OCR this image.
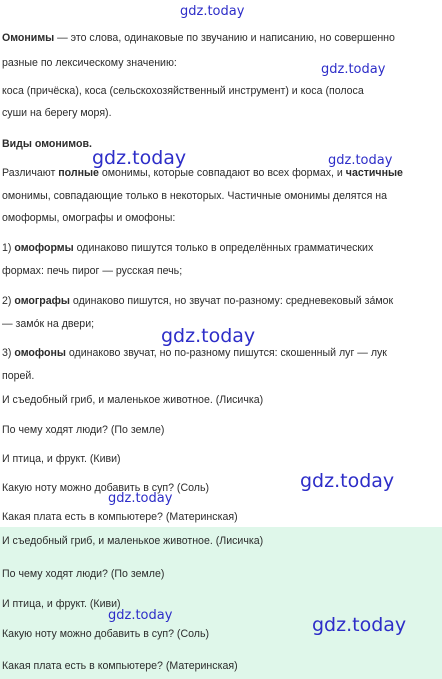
Омонимы — это слова, одинаковые по звучанию и написанию, но совершенно
разные по лексическому значению:
коса (причёска), коса (сельскохозяйственный инструмент) и коса (полоса
суши на берегу моря).
Виды омонимов.
Различают полные омонимы, которые совпадают во всех формах, и частичные
омонимы, совпадающие только в некоторых. Частичные омонимы делятся на
омоформы, омографы и омофоны:
1) омоформы одинаково пишутся только в определённых грамматических
формах: печь пирог — русская печь;
2) омографы одинаково пишутся, но звучат по-разному: средневековый за́мок
— замо́к на двери;
3) омофоны одинаково звучат, но по-разному пишутся: скошенный луг — лук
порей.
И съедобный гриб, и маленькое животное. (Лисичка)
По чему ходят люди? (По земле)
И птица, и фрукт. (Киви)
Какую ноту можно добавить в суп? (Соль)
Какая плата есть в компьютере? (Материнская)
И съедобный гриб, и маленькое животное. (Лисичка)
По чему ходят люди? (По земле)
И птица, и фрукт. (Киви)
Какую ноту можно добавить в суп? (Соль)
Какая плата есть в компьютере? (Материнская)
gdz.today
gdz.today
gdz.today	gdz.today
gdz.today
gdz.today
gdz.today
gdz.today	gdz.today
